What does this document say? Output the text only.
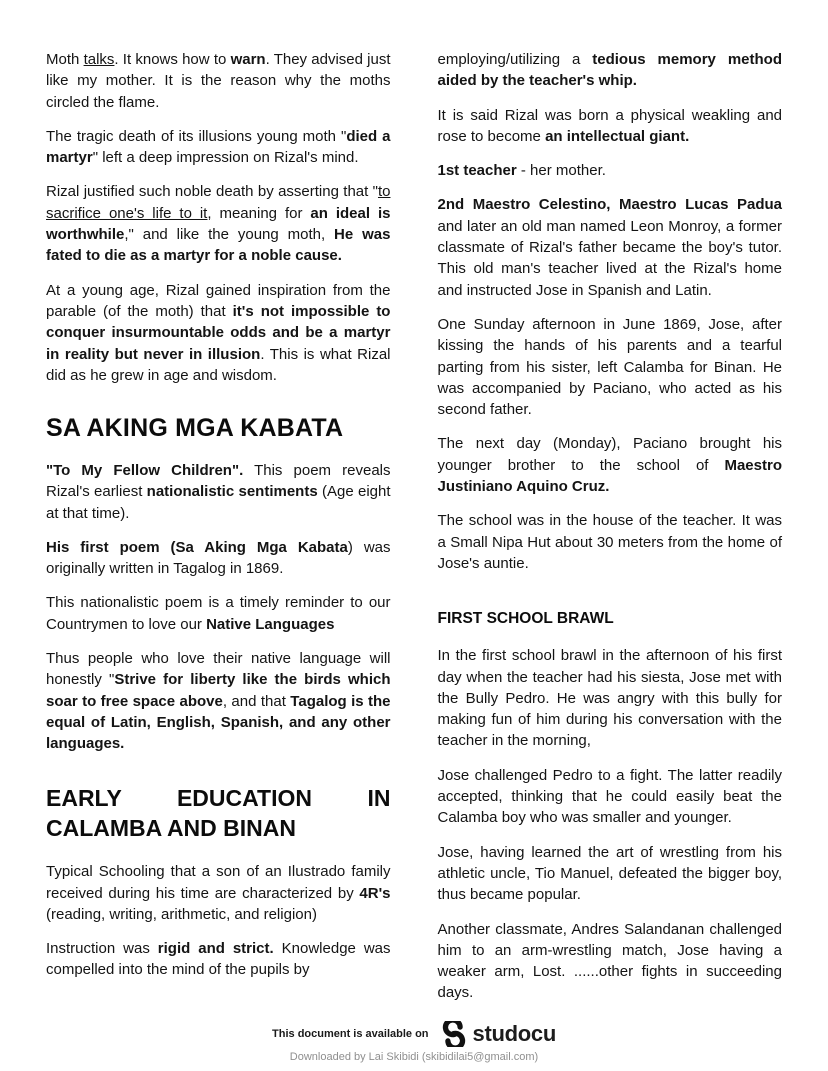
Moth talks. It knows how to warn. They advised just like my mother. It is the reason why the moths circled the flame.

The tragic death of its illusions young moth "died a martyr" left a deep impression on Rizal's mind.

Rizal justified such noble death by asserting that "to sacrifice one's life to it, meaning for an ideal is worthwhile," and like the young moth, He was fated to die as a martyr for a noble cause.

At a young age, Rizal gained inspiration from the parable (of the moth) that it's not impossible to conquer insurmountable odds and be a martyr in reality but never in illusion. This is what Rizal did as he grew in age and wisdom.

SA AKING MGA KABATA

"To My Fellow Children". This poem reveals Rizal's earliest nationalistic sentiments (Age eight at that time).

His first poem (Sa Aking Mga Kabata) was originally written in Tagalog in 1869.

This nationalistic poem is a timely reminder to our Countrymen to love our Native Languages

Thus people who love their native language will honestly "Strive for liberty like the birds which soar to free space above, and that Tagalog is the equal of Latin, English, Spanish, and any other languages.

EARLY EDUCATION IN CALAMBA AND BINAN

Typical Schooling that a son of an Ilustrado family received during his time are characterized by 4R's (reading, writing, arithmetic, and religion)

Instruction was rigid and strict. Knowledge was compelled into the mind of the pupils by

employing/utilizing a tedious memory method aided by the teacher's whip.

It is said Rizal was born a physical weakling and rose to become an intellectual giant.

1st teacher - her mother.

2nd Maestro Celestino, Maestro Lucas Padua and later an old man named Leon Monroy, a former classmate of Rizal's father became the boy's tutor. This old man's teacher lived at the Rizal's home and instructed Jose in Spanish and Latin.

One Sunday afternoon in June 1869, Jose, after kissing the hands of his parents and a tearful parting from his sister, left Calamba for Binan. He was accompanied by Paciano, who acted as his second father.

The next day (Monday), Paciano brought his younger brother to the school of Maestro Justiniano Aquino Cruz.

The school was in the house of the teacher. It was a Small Nipa Hut about 30 meters from the home of Jose's auntie.

FIRST SCHOOL BRAWL

In the first school brawl in the afternoon of his first day when the teacher had his siesta, Jose met with the Bully Pedro. He was angry with this bully for making fun of him during his conversation with the teacher in the morning,

Jose challenged Pedro to a fight. The latter readily accepted, thinking that he could easily beat the Calamba boy who was smaller and younger.

Jose, having learned the art of wrestling from his athletic uncle, Tio Manuel, defeated the bigger boy, thus became popular.

Another classmate, Andres Salandanan challenged him to an arm-wrestling match, Jose having a weaker arm, Lost. ......other fights in succeeding days.

This document is available on studocu
Downloaded by Lai Skibidi (skibidilai5@gmail.com)
